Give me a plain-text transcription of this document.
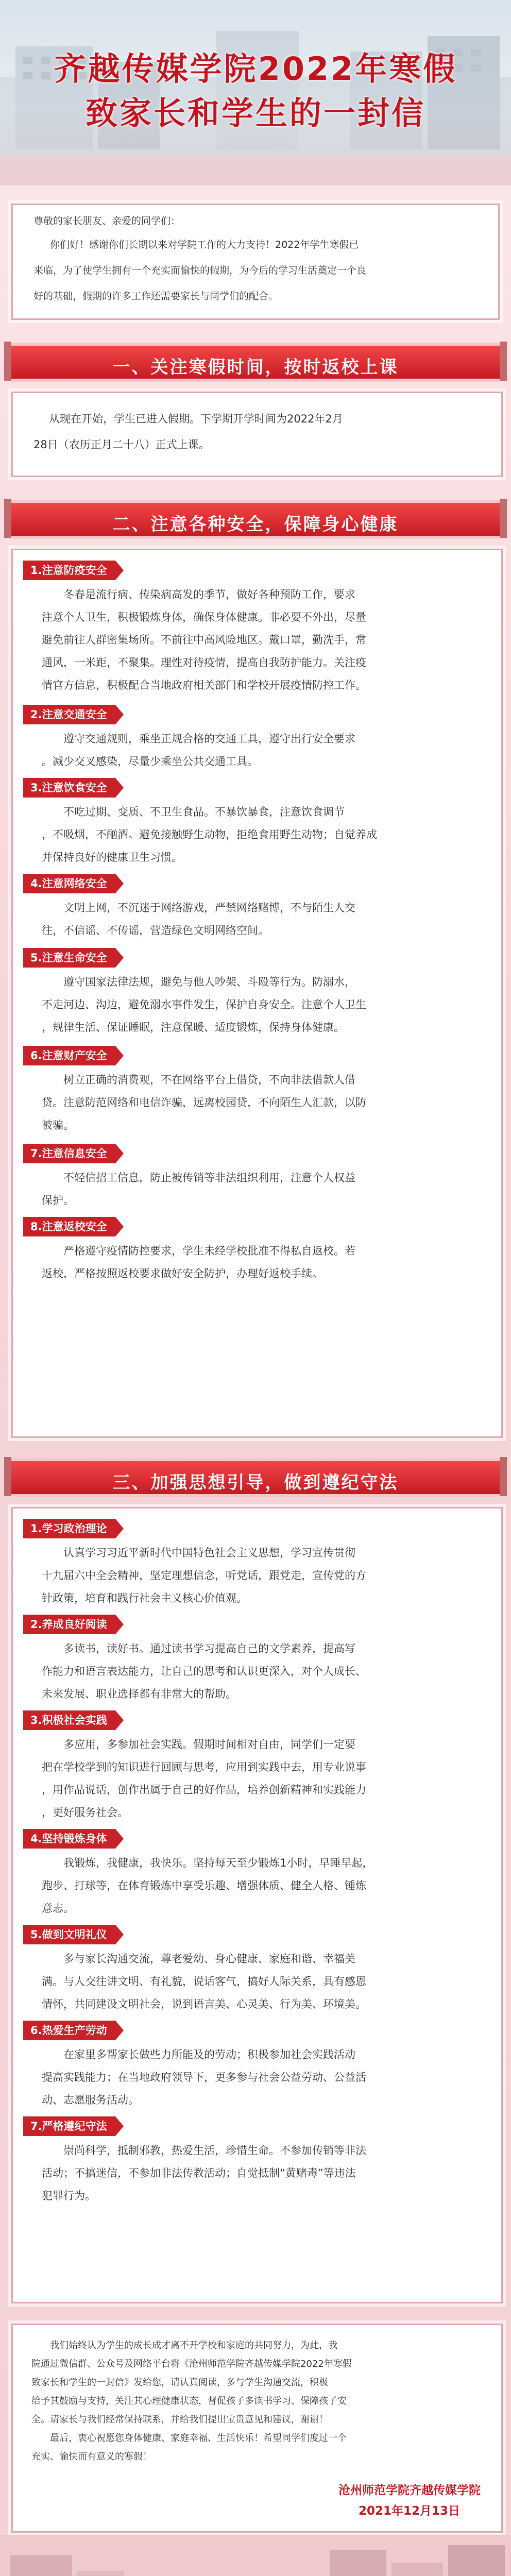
齐越传媒学院2022年寒假
致家长和学生的一封信
尊敬的家长朋友、亲爱的同学们：
你们好！感谢你们长期以来对学院工作的大力支持！2022年学生寒假已
来临，为了使学生拥有一个充实而愉快的假期，为今后的学习生活奠定一个良
好的基础，假期的许多工作还需要家长与同学们的配合。
一、关注寒假时间，按时返校上课
从现在开始，学生已进入假期。下学期开学时间为2022年2月
28日（农历正月二十八）正式上课。
二、注意各种安全，保障身心健康
1.注意防疫安全
冬春是流行病、传染病高发的季节，做好各种预防工作，要求
注意个人卫生，积极锻炼身体，确保身体健康。非必要不外出，尽量
避免前往人群密集场所。不前往中高风险地区。戴口罩，勤洗手，常
通风，一米距，不聚集。理性对待疫情，提高自我防护能力。关注疫
情官方信息，积极配合当地政府相关部门和学校开展疫情防控工作。
2.注意交通安全
遵守交通规则，乘坐正规合格的交通工具，遵守出行安全要求
。减少交叉感染，尽量少乘坐公共交通工具。
3.注意饮食安全
不吃过期、变质、不卫生食品。不暴饮暴食，注意饮食调节
，不吸烟，不酗酒。避免接触野生动物，拒绝食用野生动物；自觉养成
并保持良好的健康卫生习惯。
4.注意网络安全
文明上网，不沉迷于网络游戏，严禁网络赌博，不与陌生人交
往，不信谣、不传谣，营造绿色文明网络空间。
5.注意生命安全
遵守国家法律法规，避免与他人吵架、斗殴等行为。防溺水，
不走河边、沟边，避免溺水事件发生，保护自身安全。注意个人卫生
，规律生活、保证睡眠，注意保暖、适度锻炼，保持身体健康。
6.注意财产安全
树立正确的消费观，不在网络平台上借贷，不向非法借款人借
贷。注意防范网络和电信诈骗，远离校园贷，不向陌生人汇款，以防
被骗。
7.注意信息安全
不轻信招工信息，防止被传销等非法组织利用，注意个人权益
保护。
8.注意返校安全
严格遵守疫情防控要求，学生未经学校批准不得私自返校。若
返校，严格按照返校要求做好安全防护，办理好返校手续。
三、加强思想引导，做到遵纪守法
1.学习政治理论
认真学习习近平新时代中国特色社会主义思想，学习宣传贯彻
十九届六中全会精神，坚定理想信念，听党话，跟党走，宣传党的方
针政策，培育和践行社会主义核心价值观。
2.养成良好阅读
多读书，读好书。通过读书学习提高自己的文学素养，提高写
作能力和语言表达能力，让自己的思考和认识更深入，对个人成长、
未来发展、职业选择都有非常大的帮助。
3.积极社会实践
多应用，多参加社会实践。假期时间相对自由，同学们一定要
把在学校学到的知识进行回顾与思考，应用到实践中去，用专业说事
，用作品说话，创作出属于自己的好作品，培养创新精神和实践能力
，更好服务社会。
4.坚持锻炼身体
我锻炼，我健康，我快乐。坚持每天至少锻炼1小时，早睡早起，
跑步、打球等，在体育锻炼中享受乐趣、增强体质、健全人格、锤炼
意志。
5.做到文明礼仪
多与家长沟通交流，尊老爱幼、身心健康、家庭和谐、幸福美
满。与人交往讲文明、有礼貌，说话客气，搞好人际关系，具有感恩
情怀，共同建设文明社会，说到语言美、心灵美、行为美、环境美。
6.热爱生产劳动
在家里多帮家长做些力所能及的劳动；积极参加社会实践活动
提高实践能力；在当地政府领导下，更多参与社会公益劳动、公益活
动、志愿服务活动。
7.严格遵纪守法
崇尚科学，抵制邪教，热爱生活，珍惜生命。不参加传销等非法
活动；不搞迷信，不参加非法传教活动；自觉抵制“黄赌毒”等违法
犯罪行为。
我们始终认为学生的成长成才离不开学校和家庭的共同努力，为此，我
院通过微信群、公众号及网络平台将《沧州师范学院齐越传媒学院2022年寒假
致家长和学生的一封信》发给您，请认真阅读，多与学生沟通交流，积极
给予其鼓励与支持，关注其心理健康状态，督促孩子多读书学习、保障孩子安
全。请家长与我们经常保持联系，并给我们提出宝贵意见和建议，谢谢！
最后，衷心祝愿您身体健康、家庭幸福、生活快乐！希望同学们度过一个
充实、愉快而有意义的寒假！
沧州师范学院齐越传媒学院
2021年12月13日
